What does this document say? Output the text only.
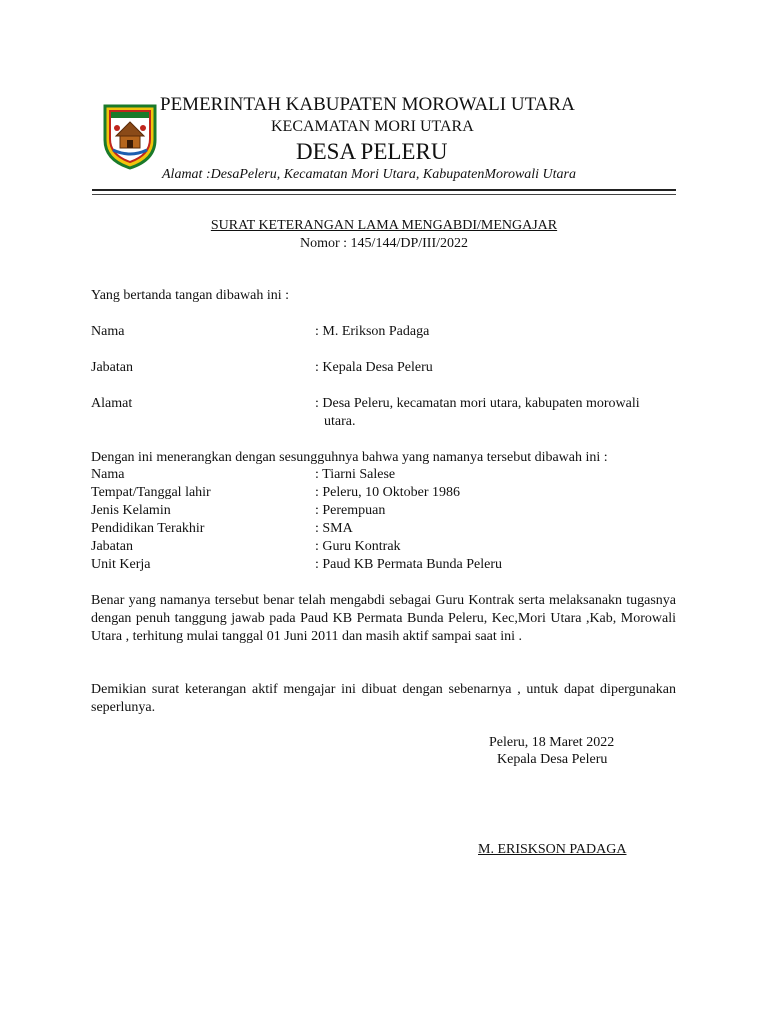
PEMERINTAH KABUPATEN MOROWALI UTARA
KECAMATAN MORI UTARA
DESA PELERU
Alamat :DesaPeleru, Kecamatan Mori Utara, KabupatenMorowali Utara
SURAT KETERANGAN LAMA MENGABDI/MENGAJAR
Nomor : 145/144/DP/III/2022
Yang bertanda tangan dibawah ini :
Nama	: M. Erikson Padaga
Jabatan	: Kepala Desa Peleru
Alamat	: Desa Peleru, kecamatan mori utara, kabupaten morowali
utara.
Dengan ini menerangkan dengan sesungguhnya bahwa yang namanya tersebut dibawah ini :
Nama	: Tiarni Salese
Tempat/Tanggal lahir	: Peleru, 10 Oktober 1986
Jenis Kelamin	: Perempuan
Pendidikan Terakhir	: SMA
Jabatan	: Guru Kontrak
Unit Kerja	: Paud KB Permata Bunda Peleru
Benar yang namanya tersebut benar telah mengabdi sebagai Guru Kontrak serta melaksanakn tugasnya dengan penuh tanggung jawab pada Paud KB Permata Bunda Peleru, Kec,Mori Utara ,Kab, Morowali Utara , terhitung mulai tanggal 01 Juni 2011 dan masih aktif sampai saat ini .
Demikian surat keterangan aktif mengajar ini dibuat dengan sebenarnya , untuk dapat dipergunakan seperlunya.
Peleru, 18 Maret 2022
Kepala Desa Peleru
M. ERISKSON PADAGA
